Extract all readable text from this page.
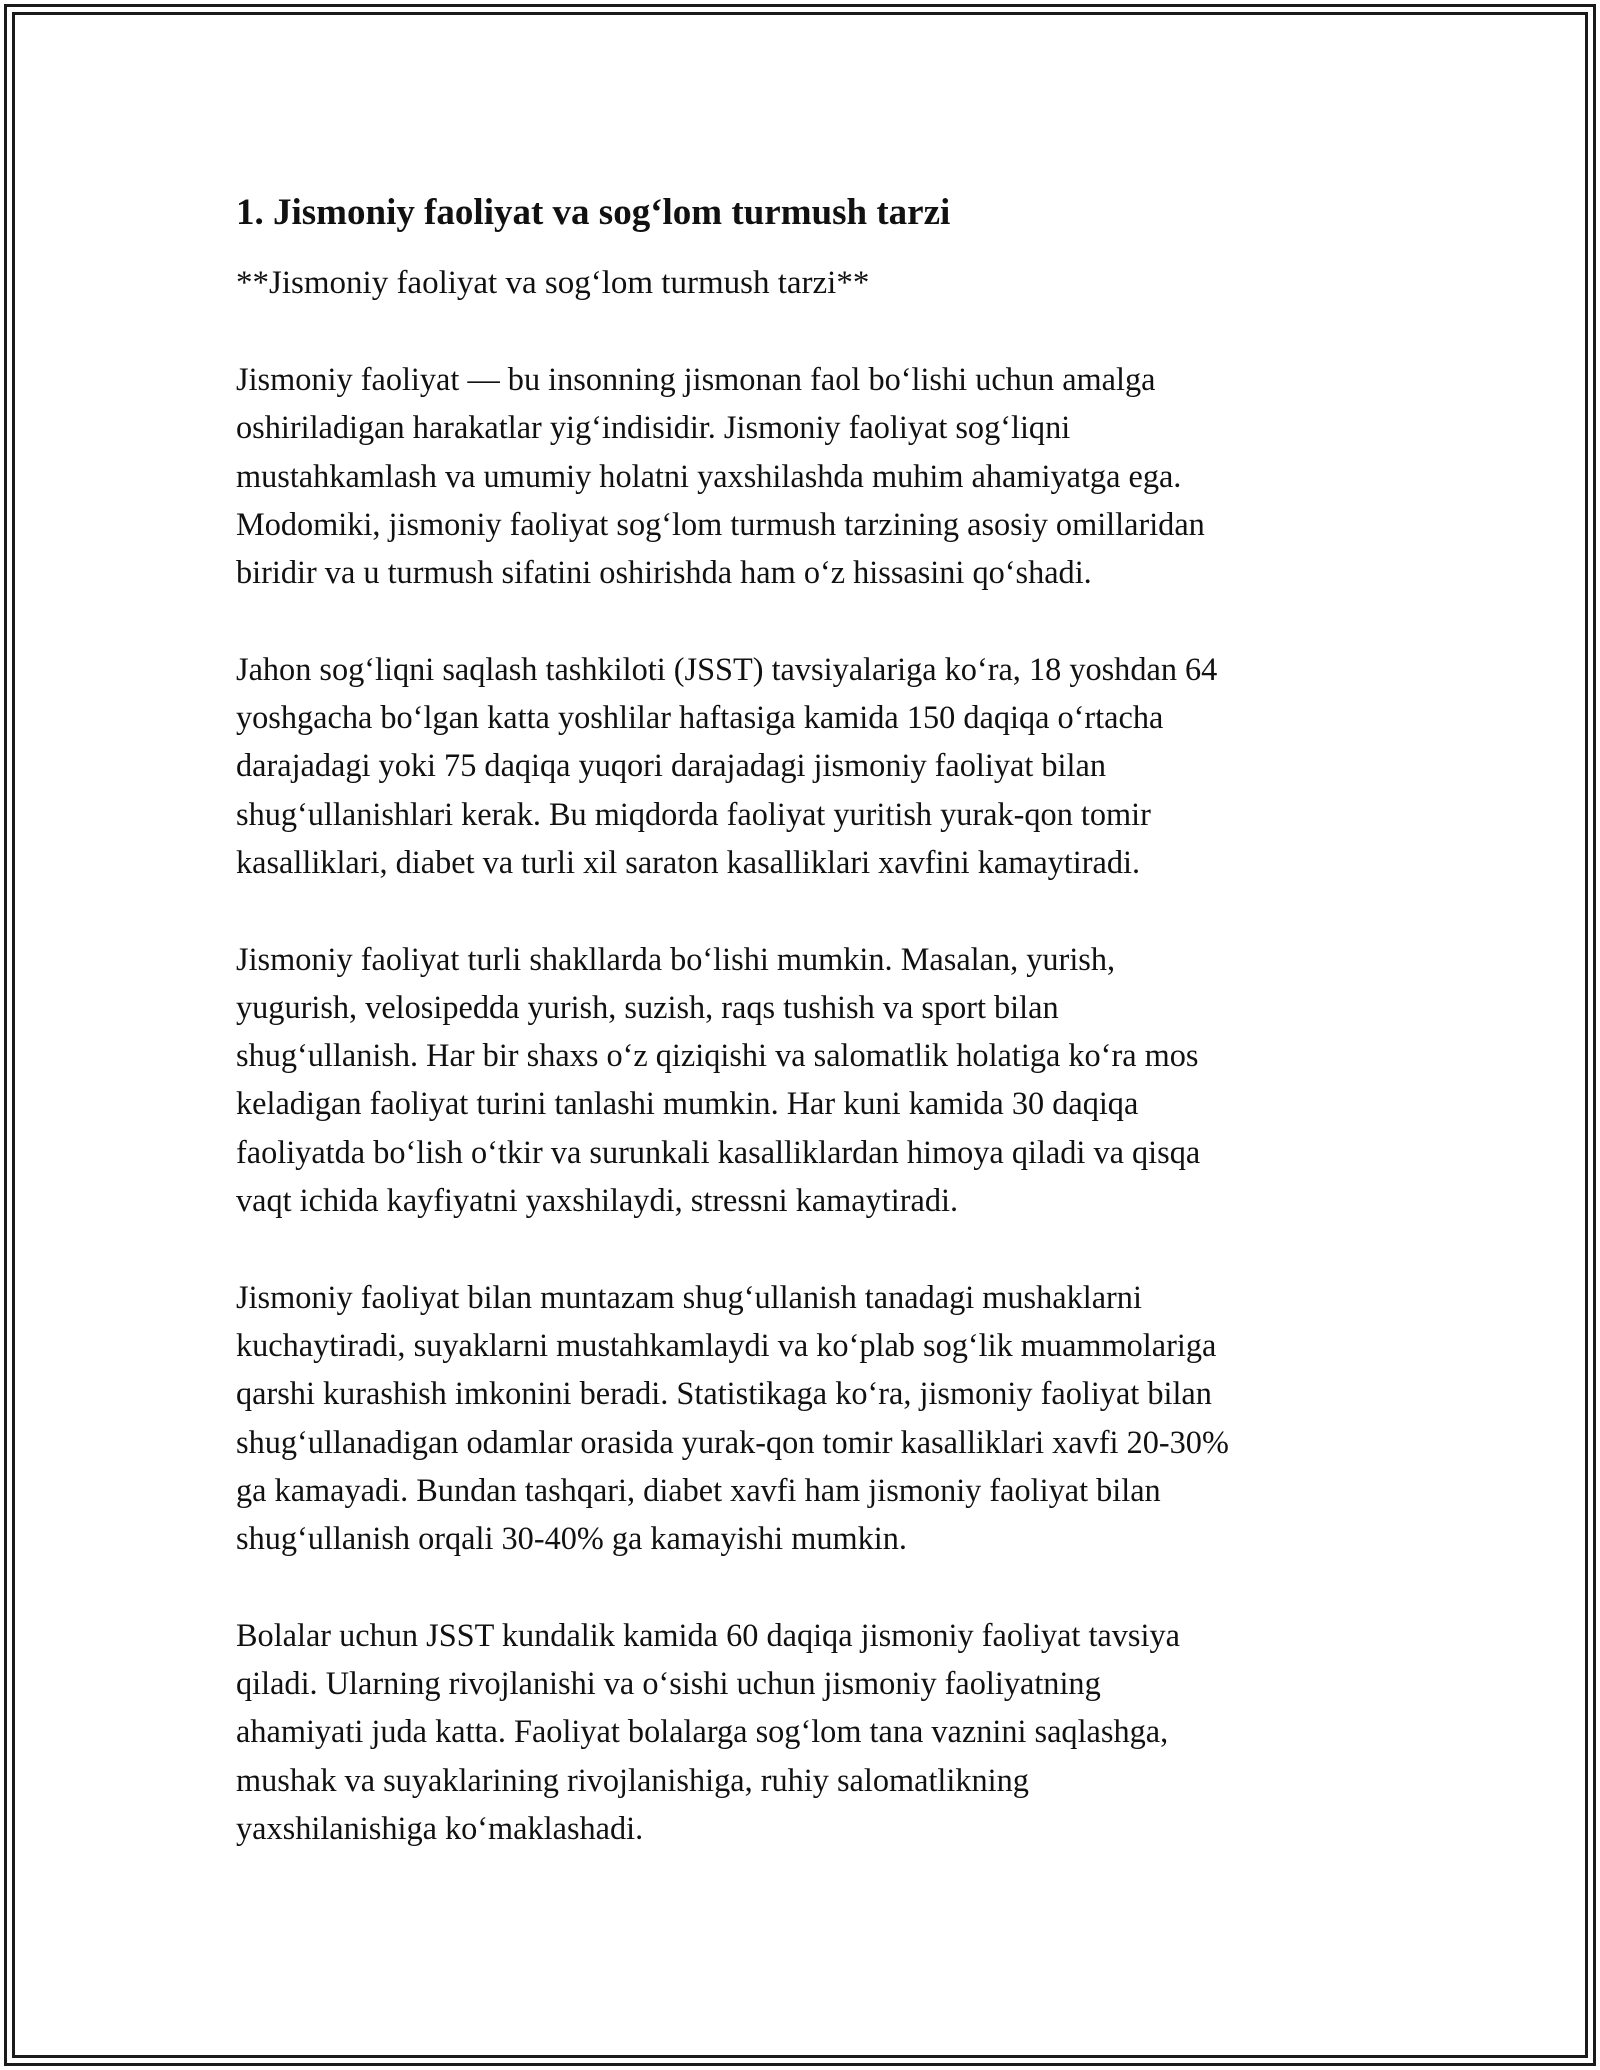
1. Jismoniy faoliyat va sog‘lom turmush tarzi
**Jismoniy faoliyat va sog‘lom turmush tarzi**
Jismoniy faoliyat — bu insonning jismonan faol bo‘lishi uchun amalga
oshiriladigan harakatlar yig‘indisidir. Jismoniy faoliyat sog‘liqni
mustahkamlash va umumiy holatni yaxshilashda muhim ahamiyatga ega.
Modomiki, jismoniy faoliyat sog‘lom turmush tarzining asosiy omillaridan
biridir va u turmush sifatini oshirishda ham o‘z hissasini qo‘shadi.
Jahon sog‘liqni saqlash tashkiloti (JSST) tavsiyalariga ko‘ra, 18 yoshdan 64
yoshgacha bo‘lgan katta yoshlilar haftasiga kamida 150 daqiqa o‘rtacha
darajadagi yoki 75 daqiqa yuqori darajadagi jismoniy faoliyat bilan
shug‘ullanishlari kerak. Bu miqdorda faoliyat yuritish yurak-qon tomir
kasalliklari, diabet va turli xil saraton kasalliklari xavfini kamaytiradi.
Jismoniy faoliyat turli shakllarda bo‘lishi mumkin. Masalan, yurish,
yugurish, velosipedda yurish, suzish, raqs tushish va sport bilan
shug‘ullanish. Har bir shaxs o‘z qiziqishi va salomatlik holatiga ko‘ra mos
keladigan faoliyat turini tanlashi mumkin. Har kuni kamida 30 daqiqa
faoliyatda bo‘lish o‘tkir va surunkali kasalliklardan himoya qiladi va qisqa
vaqt ichida kayfiyatni yaxshilaydi, stressni kamaytiradi.
Jismoniy faoliyat bilan muntazam shug‘ullanish tanadagi mushaklarni
kuchaytiradi, suyaklarni mustahkamlaydi va ko‘plab sog‘lik muammolariga
qarshi kurashish imkonini beradi. Statistikaga ko‘ra, jismoniy faoliyat bilan
shug‘ullanadigan odamlar orasida yurak-qon tomir kasalliklari xavfi 20-30%
ga kamayadi. Bundan tashqari, diabet xavfi ham jismoniy faoliyat bilan
shug‘ullanish orqali 30-40% ga kamayishi mumkin.
Bolalar uchun JSST kundalik kamida 60 daqiqa jismoniy faoliyat tavsiya
qiladi. Ularning rivojlanishi va o‘sishi uchun jismoniy faoliyatning
ahamiyati juda katta. Faoliyat bolalarga sog‘lom tana vaznini saqlashga,
mushak va suyaklarining rivojlanishiga, ruhiy salomatlikning
yaxshilanishiga ko‘maklashadi.
